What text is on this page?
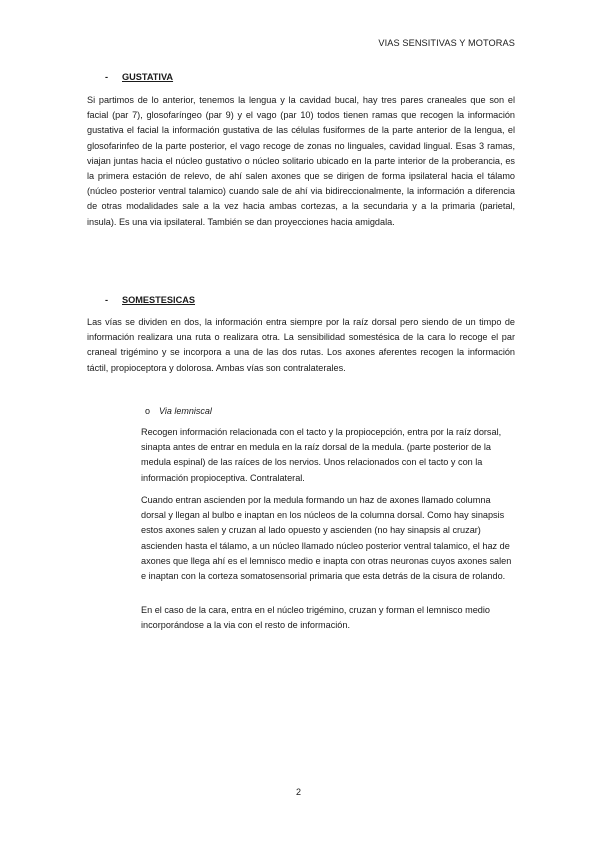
VIAS SENSITIVAS Y MOTORAS
-	GUSTATIVA

Si partimos de lo anterior, tenemos la lengua y la cavidad bucal, hay tres pares craneales que son el facial (par 7), glosofaríngeo (par 9) y el vago (par 10) todos tienen ramas que recogen la información gustativa el facial la información gustativa de las células fusiformes de la parte anterior de la lengua, el glosofarinfeo de la parte posterior, el vago recoge de zonas no linguales, cavidad lingual. Esas 3 ramas, viajan juntas hacia el núcleo gustativo o núcleo solitario ubicado en la parte interior de la proberancia, es la primera estación de relevo, de ahí salen axones que se dirigen de forma ipsilateral hacia el tálamo (núcleo posterior ventral talamico) cuando sale de ahí via bidireccionalmente, la información a diferencia de otras modalidades sale a la vez hacia ambas cortezas, a la secundaria y a la primaria (parietal, insula). Es una via ipsilateral. También se dan proyecciones hacia amigdala.

-	SOMESTESICAS

Las vías se dividen en dos, la información entra siempre por la raíz dorsal pero siendo de un timpo de información realizara una ruta o realizara otra. La sensibilidad somestésica de la cara lo recoge el par craneal trigémino y se incorpora a una de las dos rutas. Los axones aferentes recogen la información táctil, propioceptora y dolorosa. Ambas vías son contralaterales.

o Via lemniscal

Recogen información relacionada con el tacto y la propiocepción, entra por la raíz dorsal, sinapta antes de entrar en medula en la raíz dorsal de la medula. (parte posterior de la medula espinal) de las raíces de los nervios. Unos relacionados con el tacto y con la información propioceptiva. Contralateral.

Cuando entran ascienden por la medula formando un haz de axones llamado columna dorsal y llegan al bulbo e inaptan en los núcleos de la columna dorsal. Como hay sinapsis estos axones salen y cruzan al lado opuesto y ascienden (no hay sinapsis al cruzar) ascienden hasta el tálamo, a un núcleo llamado núcleo posterior ventral talamico, el haz de axones que llega ahí es el lemnisco medio e inapta con otras neuronas cuyos axones salen e inaptan con la corteza somatosensorial primaria que esta detrás de la cisura de rolando.

En el caso de la cara, entra en el núcleo trigémino, cruzan y forman el lemnisco medio incorporándose a la via con el resto de información.

2
